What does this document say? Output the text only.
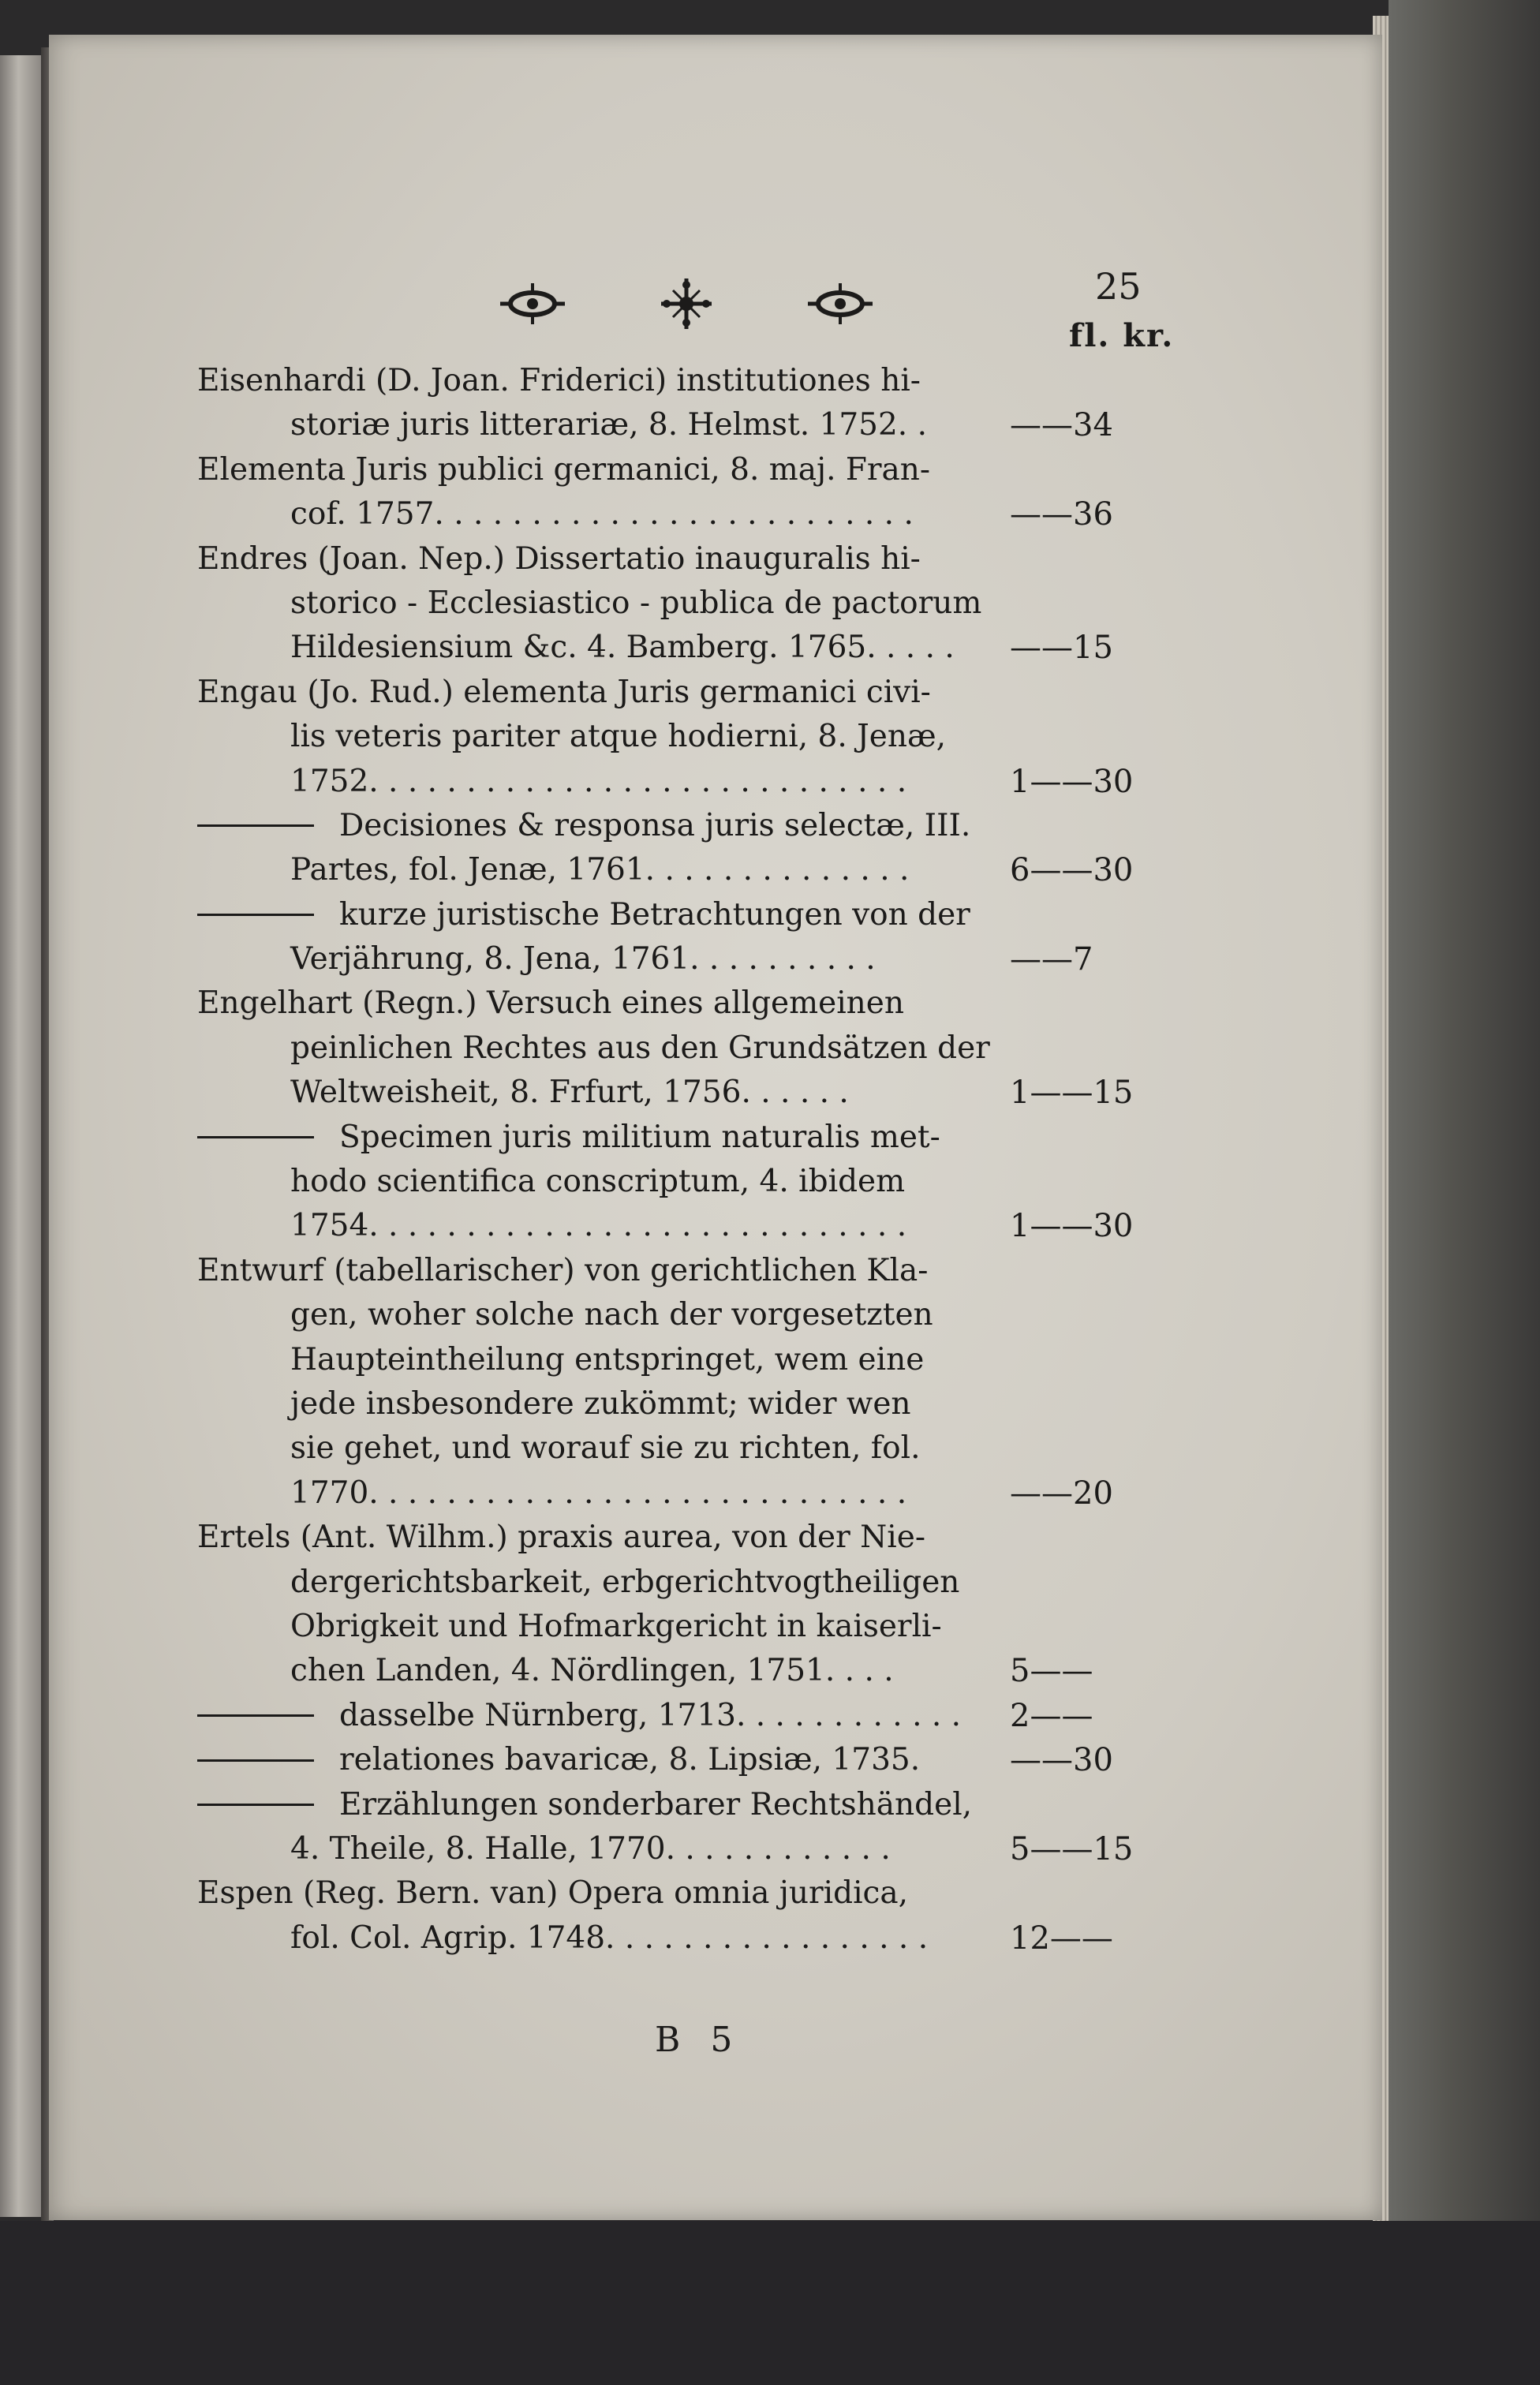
25
fl. kr.
Eisenhardi (D. Joan. Friderici) institutiones hi-
storiæ juris litterariæ, 8. Helmst. 1752. .	——34
Elementa Juris publici germanici, 8. maj. Fran-
cof. 1757. . . . . . . . . . . . . . . . . . . . . . . . .	——36
Endres (Joan. Nep.) Dissertatio inauguralis hi-
storico - Ecclesiastico - publica de pactorum
Hildesiensium &c. 4. Bamberg. 1765. . . . . ——15
Engau (Jo. Rud.) elementa Juris germanici civi-
lis veteris pariter atque hodierni, 8. Jenæ,
1752. . . . . . . . . . . . . . . . . . . . . . . . . . . .	1——30
Decisiones & responsa juris selectæ, III.
Partes, fol. Jenæ, 1761. . . . . . . . . . . . . .	6——30
kurze juristische Betrachtungen von der
Verjährung, 8. Jena, 1761. . . . . . . . . .	——7
Engelhart (Regn.) Versuch eines allgemeinen
peinlichen Rechtes aus den Grundsätzen der
Weltweisheit, 8. Frfurt, 1756. . . . . .	1——15
Specimen juris militium naturalis met-
hodo scientifica conscriptum, 4. ibidem
1754. . . . . . . . . . . . . . . . . . . . . . . . . . . .	1——30
Entwurf (tabellarischer) von gerichtlichen Kla-
gen, woher solche nach der vorgesetzten
Haupteintheilung entspringet, wem eine
jede insbesondere zukömmt; wider wen
sie gehet, und worauf sie zu richten, fol.
1770. . . . . . . . . . . . . . . . . . . . . . . . . . . .	——20
Ertels (Ant. Wilhm.) praxis aurea, von der Nie-
dergerichtsbarkeit, erbgerichtvogtheiligen
Obrigkeit und Hofmarkgericht in kaiserli-
chen Landen, 4. Nördlingen, 1751. . . .	5——
dasselbe Nürnberg, 1713. . . . . . . . . . . . 2——
relationes bavaricæ, 8. Lipsiæ, 1735.	——30
Erzählungen sonderbarer Rechtshändel,
4. Theile, 8. Halle, 1770. . . . . . . . . . . .	5——15
Espen (Reg. Bern. van) Opera omnia juridica,
fol. Col. Agrip. 1748. . . . . . . . . . . . . . . . .	12——
B 5
